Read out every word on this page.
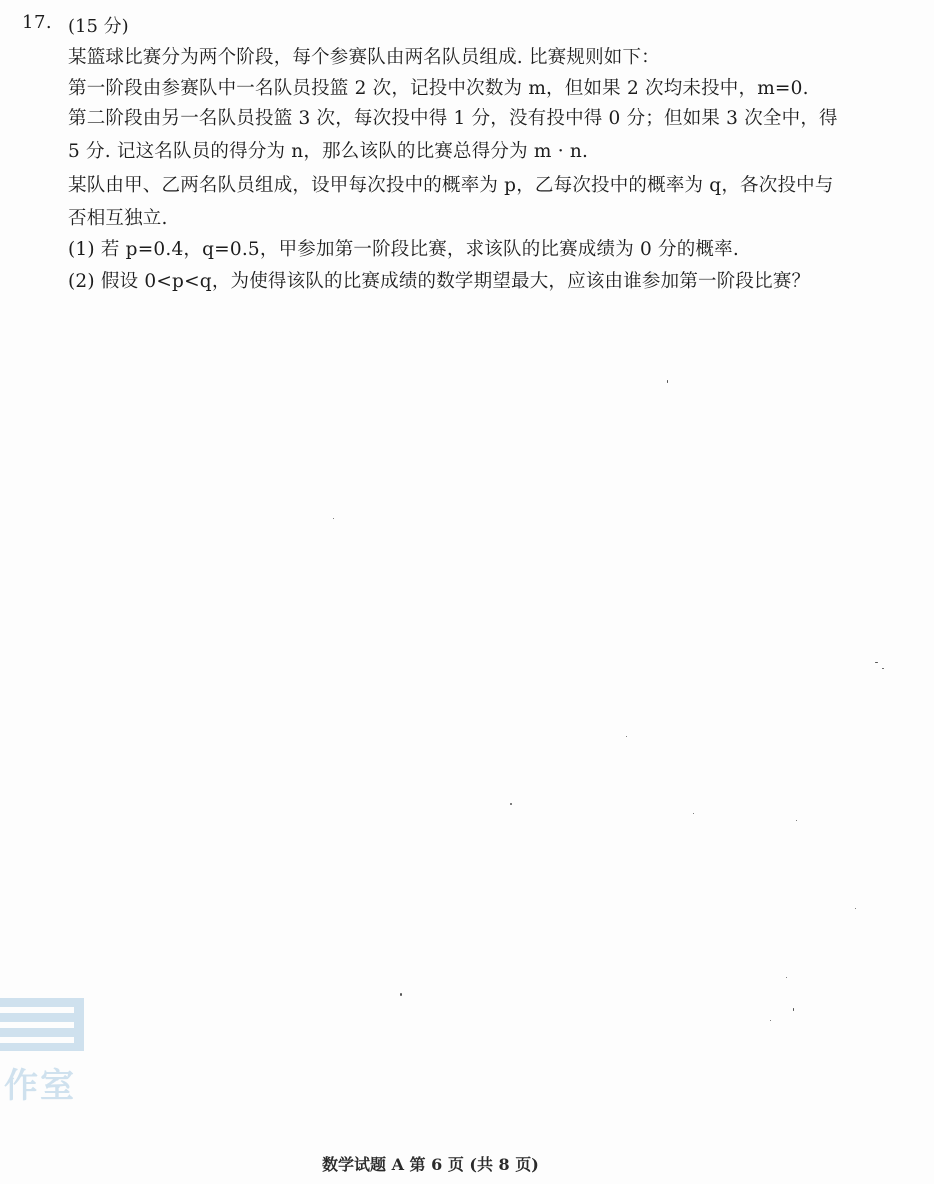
17. (15 分)
某篮球比赛分为两个阶段，每个参赛队由两名队员组成. 比赛规则如下：
第一阶段由参赛队中一名队员投篮 2 次，记投中次数为 m，但如果 2 次均未投中，m=0.
第二阶段由另一名队员投篮 3 次，每次投中得 1 分，没有投中得 0 分；但如果 3 次全中，得
5 分. 记这名队员的得分为 n，那么该队的比赛总得分为 m · n.
某队由甲、乙两名队员组成，设甲每次投中的概率为 p，乙每次投中的概率为 q，各次投中与
否相互独立.
(1) 若 p=0.4，q=0.5，甲参加第一阶段比赛，求该队的比赛成绩为 0 分的概率.
(2) 假设 0<p<q，为使得该队的比赛成绩的数学期望最大，应该由谁参加第一阶段比赛？
作室
数学试题 A 第 6 页 (共 8 页)
